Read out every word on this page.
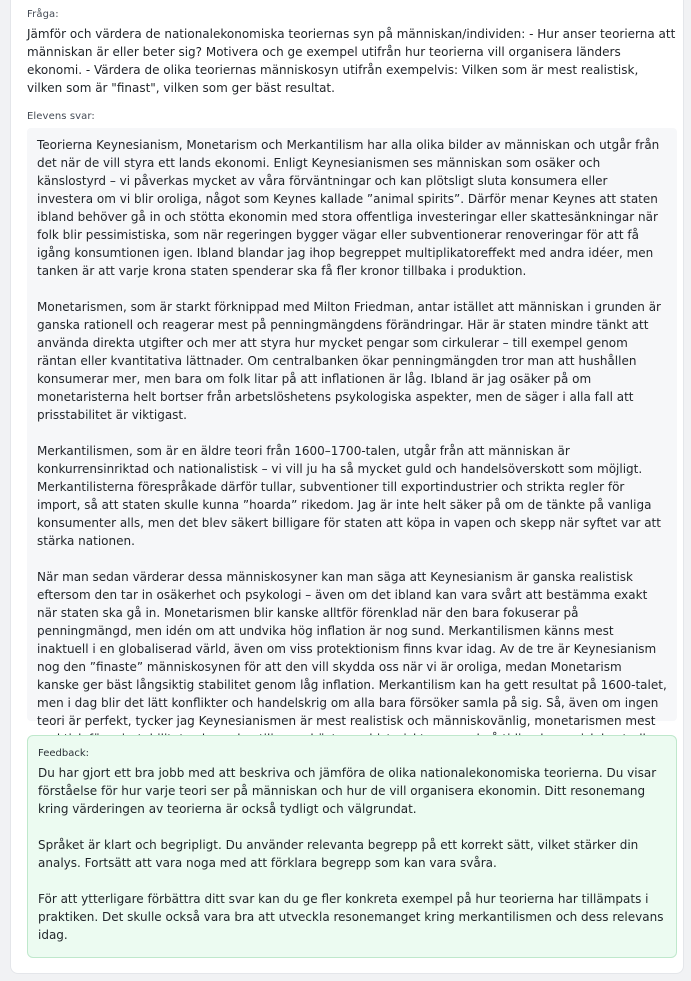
Fråga:
Jämför och värdera de nationalekonomiska teoriernas syn på människan/individen: - Hur anser teorierna att människan är eller beter sig? Motivera och ge exempel utifrån hur teorierna vill organisera länders ekonomi. - Värdera de olika teoriernas människosyn utifrån exempelvis: Vilken som är mest realistisk, vilken som är "finast", vilken som ger bäst resultat.
Elevens svar:

Teorierna Keynesianism, Monetarism och Merkantilism har alla olika bilder av människan och utgår från det när de vill styra ett lands ekonomi. Enligt Keynesianismen ses människan som osäker och känslostyrd – vi påverkas mycket av våra förväntningar och kan plötsligt sluta konsumera eller investera om vi blir oroliga, något som Keynes kallade ”animal spirits”. Därför menar Keynes att staten ibland behöver gå in och stötta ekonomin med stora offentliga investeringar eller skattesänkningar när folk blir pessimistiska, som när regeringen bygger vägar eller subventionerar renoveringar för att få igång konsumtionen igen. Ibland blandar jag ihop begreppet multiplikatoreffekt med andra idéer, men tanken är att varje krona staten spenderar ska få fler kronor tillbaka i produktion.

Monetarismen, som är starkt förknippad med Milton Friedman, antar istället att människan i grunden är ganska rationell och reagerar mest på penningmängdens förändringar. Här är staten mindre tänkt att använda direkta utgifter och mer att styra hur mycket pengar som cirkulerar – till exempel genom räntan eller kvantitativa lättnader. Om centralbanken ökar penningmängden tror man att hushållen konsumerar mer, men bara om folk litar på att inflationen är låg. Ibland är jag osäker på om monetaristerna helt bortser från arbetslöshetens psykologiska aspekter, men de säger i alla fall att prisstabilitet är viktigast.

Merkantilismen, som är en äldre teori från 1600–1700-talen, utgår från att människan är konkurrensinriktad och nationalistisk – vi vill ju ha så mycket guld och handelsöverskott som möjligt. Merkantilisterna förespråkade därför tullar, subventioner till exportindustrier och strikta regler för import, så att staten skulle kunna ”hoarda” rikedom. Jag är inte helt säker på om de tänkte på vanliga konsumenter alls, men det blev säkert billigare för staten att köpa in vapen och skepp när syftet var att stärka nationen.

När man sedan värderar dessa människosyner kan man säga att Keynesianism är ganska realistisk eftersom den tar in osäkerhet och psykologi – även om det ibland kan vara svårt att bestämma exakt när staten ska gå in. Monetarismen blir kanske alltför förenklad när den bara fokuserar på penningmängd, men idén om att undvika hög inflation är nog sund. Merkantilismen känns mest inaktuell i en globaliserad värld, även om viss protektionism finns kvar idag. Av de tre är Keynesianism nog den ”finaste” människosynen för att den vill skydda oss när vi är oroliga, medan Monetarism kanske ger bäst långsiktig stabilitet genom låg inflation. Merkantilism kan ha gett resultat på 1600-talet, men i dag blir det lätt konflikter och handelskrig om alla bara försöker samla på sig. Så, även om ingen teori är perfekt, tycker jag Keynesianismen är mest realistisk och människovänlig, monetarismen mest

Feedback:

Du har gjort ett bra jobb med att beskriva och jämföra de olika nationalekonomiska teorierna. Du visar förståelse för hur varje teori ser på människan och hur de vill organisera ekonomin. Ditt resonemang kring värderingen av teorierna är också tydligt och välgrundat.

Språket är klart och begripligt. Du använder relevanta begrepp på ett korrekt sätt, vilket stärker din analys. Fortsätt att vara noga med att förklara begrepp som kan vara svåra.

För att ytterligare förbättra ditt svar kan du ge fler konkreta exempel på hur teorierna har tillämpats i praktiken. Det skulle också vara bra att utveckla resonemanget kring merkantilismen och dess relevans idag.
